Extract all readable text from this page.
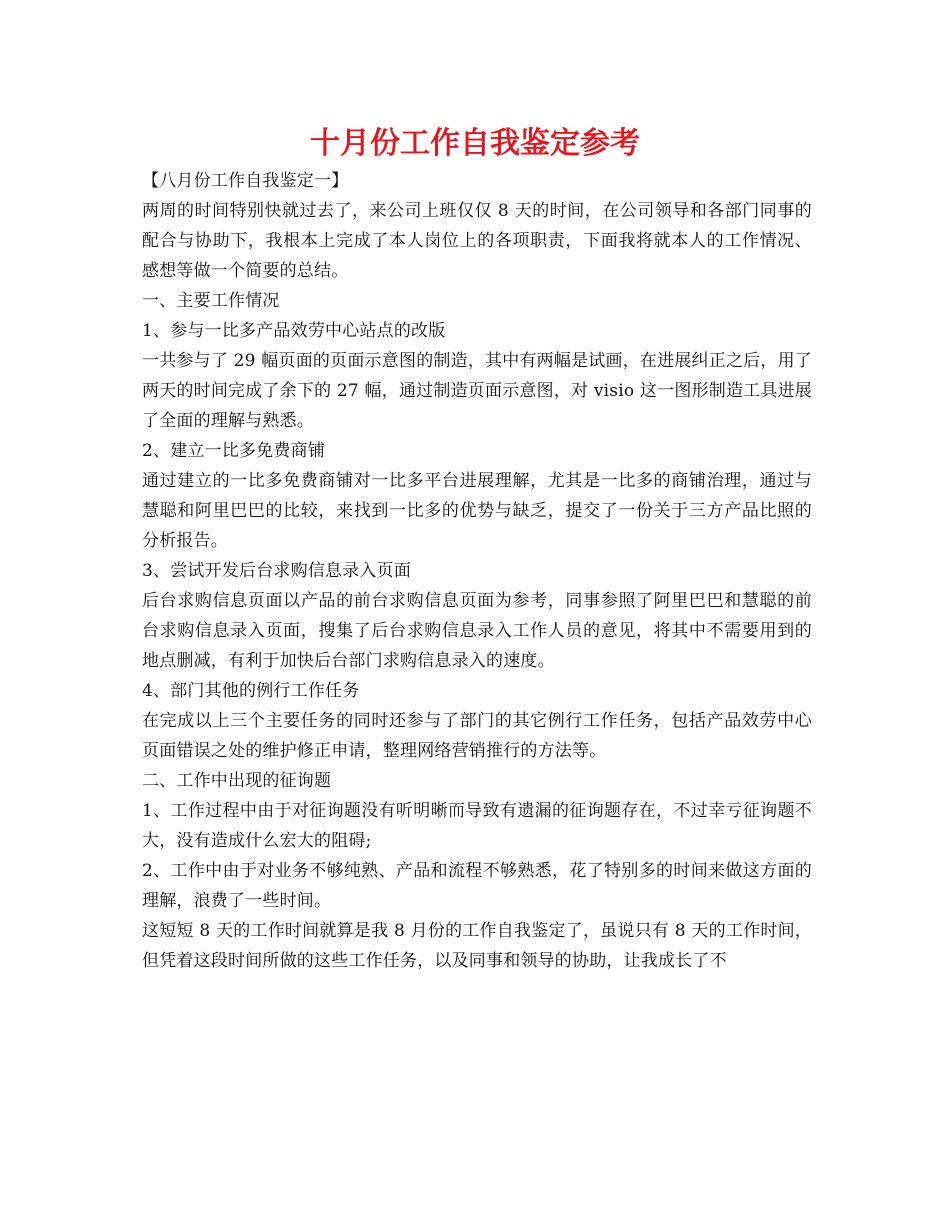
十月份工作自我鉴定参考

【八月份工作自我鉴定一】

两周的时间特别快就过去了，来公司上班仅仅 8 天的时间，在公司领导和各部门同事的配合与协助下，我根本上完成了本人岗位上的各项职责，下面我将就本人的工作情况、感想等做一个简要的总结。

一、主要工作情况

1、参与一比多产品效劳中心站点的改版

一共参与了 29 幅页面的页面示意图的制造，其中有两幅是试画，在进展纠正之后，用了两天的时间完成了余下的 27 幅，通过制造页面示意图，对 visio 这一图形制造工具进展了全面的理解与熟悉。

2、建立一比多免费商铺

通过建立的一比多免费商铺对一比多平台进展理解，尤其是一比多的商铺治理，通过与慧聪和阿里巴巴的比较，来找到一比多的优势与缺乏，提交了一份关于三方产品比照的分析报告。

3、尝试开发后台求购信息录入页面

后台求购信息页面以产品的前台求购信息页面为参考，同事参照了阿里巴巴和慧聪的前台求购信息录入页面，搜集了后台求购信息录入工作人员的意见，将其中不需要用到的地点删减，有利于加快后台部门求购信息录入的速度。

4、部门其他的例行工作任务

在完成以上三个主要任务的同时还参与了部门的其它例行工作任务，包括产品效劳中心页面错误之处的维护修正申请，整理网络营销推行的方法等。

二、工作中出现的征询题

1、工作过程中由于对征询题没有听明晰而导致有遗漏的征询题存在，不过幸亏征询题不大，没有造成什么宏大的阻碍;

2、工作中由于对业务不够纯熟、产品和流程不够熟悉，花了特别多的时间来做这方面的理解，浪费了一些时间。

这短短 8 天的工作时间就算是我 8 月份的工作自我鉴定了，虽说只有 8 天的工作时间，但凭着这段时间所做的这些工作任务，以及同事和领导的协助，让我成长了不
